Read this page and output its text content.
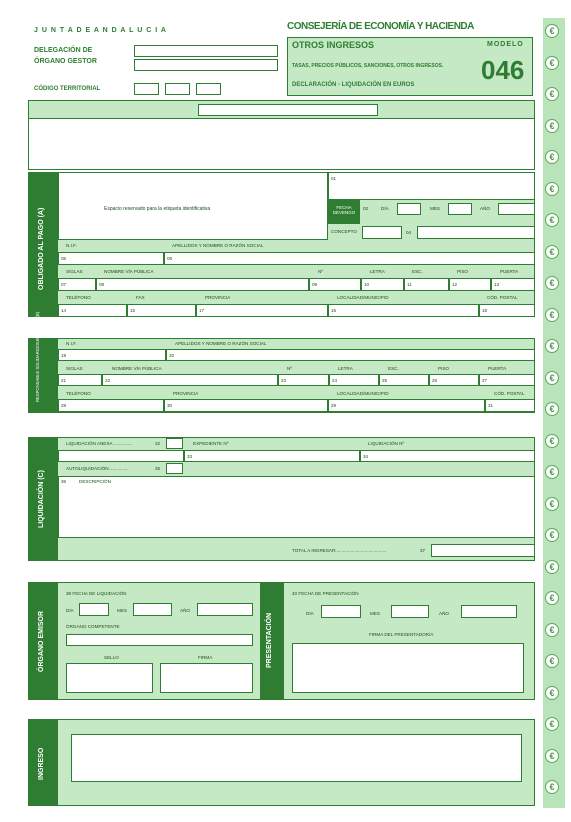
€
€
€
€
€
€
€
€
€
€
€
€
€
€
€
€
€
€
€
€
€
€
€
€
€
J U N T A D E A N D A L U C I A
DELEGACIÓN DE
ÓRGANO GESTOR
CÓDIGO TERRITORIAL
CONSEJERÍA DE ECONOMÍA Y HACIENDA
OTROS INGRESOS	MODELO
046
TASAS, PRECIOS PÚBLICOS, SANCIONES, OTROS INGRESOS.
DECLARACIÓN - LIQUIDACIÓN EN EUROS
OBLIGADO AL PAGO (A)	Espacio reservado para la etiqueta identificativa
01
FECHA DEVENGO
02	DÍA	MES	AÑO
CONCEPTO	04
N.I.F.	APELLIDOS Y NOMBRE O RAZÓN SOCIAL
05	06
SIGLAS	NOMBRE VÍA PÚBLICA	Nº	LETRA	ESC.	PISO	PUERTA
07	08	09	10	11	12	13
TELÉFONO	FAX	PROVINCIA	LOCALIDAD/MUNICIPIO	CÓD. POSTAL
14	15	17	16	18
RESPONSABLE SOLIDARIO/SUBSIDIARIO (B)	N.I.F.	APELLIDOS Y NOMBRE O RAZÓN SOCIAL
19	20
SIGLAS	NOMBRE VÍA PÚBLICA	Nº	LETRA	ESC.	PISO	PUERTA
21	22	23	24	25	26	27
TELÉFONO	PROVINCIA	LOCALIDAD/MUNICIPIO	CÓD. POSTAL
28	30	29	31
LIQUIDACIÓN (C)
LIQUIDACIÓN ANEXA................	32	EXPEDIENTE Nº	LIQUIDACIÓN Nº
33	34
AUTOLIQUIDACIÓN...............	35
36	DESCRIPCIÓN
TOTAL A INGRESAR:.......................................	37
ÓRGANO EMISOR
39 FECHA DE LIQUIDACIÓN
DÍA	MES	AÑO
ÓRGANO COMPETENTE
SELLO	FIRMA	PRESENTACIÓN
40 FECHA DE PRESENTACIÓN
DÍA	MES	AÑO
FIRMA DEL PRESENTADOR/A
INGRESO
